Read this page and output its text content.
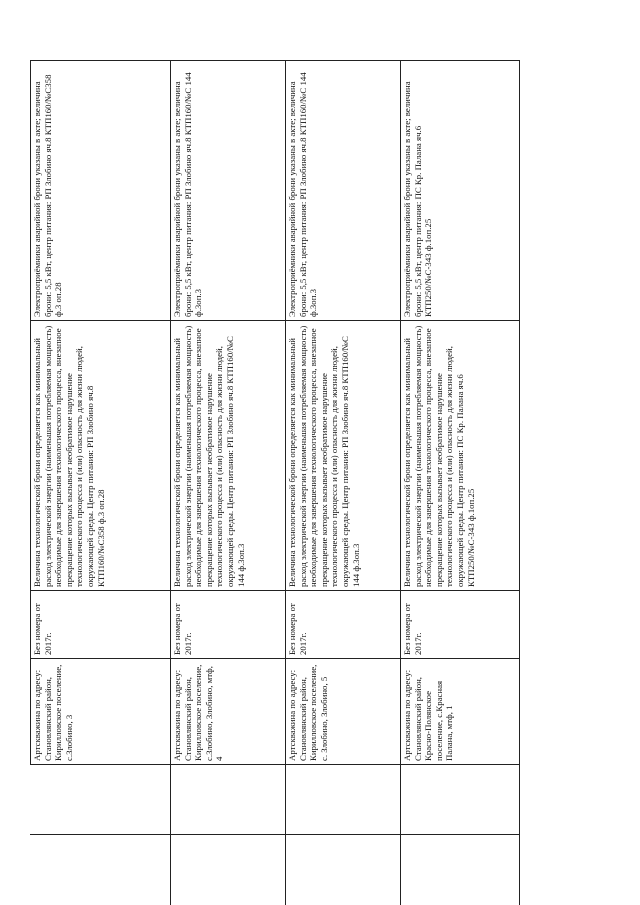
Артскважина по адресу: Становлянский район, Кирилловское поселение, с.Злобино, 3
Без номера от 2017г.
Величина технологической брони определяется как минимальный расход электрической энергии (наименьшая потребляемая мощность) необходимые для завершения технологического процесса, внезапное прекращение которых вызывает необратимое нарушение технологического процесса и (или) опасность для жизни людей, окружающей среды. Центр питания: РП Злобино яч.8 КТП160/№С358 ф.3 оп.28
Электроприёмники аварийной брони указаны в акте; величина брони: 5,5 кВт, центр питания: РП Злобино яч.8 КТП160/№С358 ф.3 оп.28
Артскважина по адресу: Становлянский район, Кирилловское поселение, с.Злобино, Злобино, мтф, 4
Без номера от 2017г.
Величина технологической брони определяется как минимальный расход электрической энергии (наименьшая потребляемая мощность) необходимые для завершения технологического процесса, внезапное прекращение которых вызывает необратимое нарушение технологического процесса и (или) опасность для жизни людей, окружающей среды. Центр питания: РП Злобино яч.8 КТП160/№С 144 ф.3оп.3
Электроприёмники аварийной брони указаны в акте; величина брони: 5,5 кВт, центр питания: РП Злобино яч.8 КТП160/№С 144 ф.3оп.3
Артскважина по адресу: Становлянский район, Кирилловское поселение, с. Злобино, Злобино, 5
Без номера от 2017г.
Величина технологической брони определяется как минимальный расход электрической энергии (наименьшая потребляемая мощность) необходимые для завершения технологического процесса, внезапное прекращение которых вызывает необратимое нарушение технологического процесса и (или) опасность для жизни людей, окружающей среды. Центр питания: РП Злобино яч.8 КТП160/№С 144 ф.3оп.3
Электроприёмники аварийной брони указаны в акте; величина брони: 5,5 кВт, центр питания: РП Злобино яч.8 КТП160/№С 144 ф.3оп.3
Артскважина по адресу: Становлянский район, Красно-Полянское поселение, с.Красная Палана, мтф, 1
Без номера от 2017г.
Величина технологической брони определяется как минимальный расход электрической энергии (наименьшая потребляемая мощность) необходимые для завершения технологического процесса, внезапное прекращение которых вызывает необратимое нарушение технологического процесса и (или) опасность для жизни людей, окружающей среды. Центр питания: ПС Кр. Палана яч.6 КТП250/№С-343 ф.1оп.25
Электроприёмники аварийной брони указаны в акте; величина брони: 5,5 кВт, центр питания: ПС Кр. Палана яч.6 КТП250/№С-343 ф.1оп.25
